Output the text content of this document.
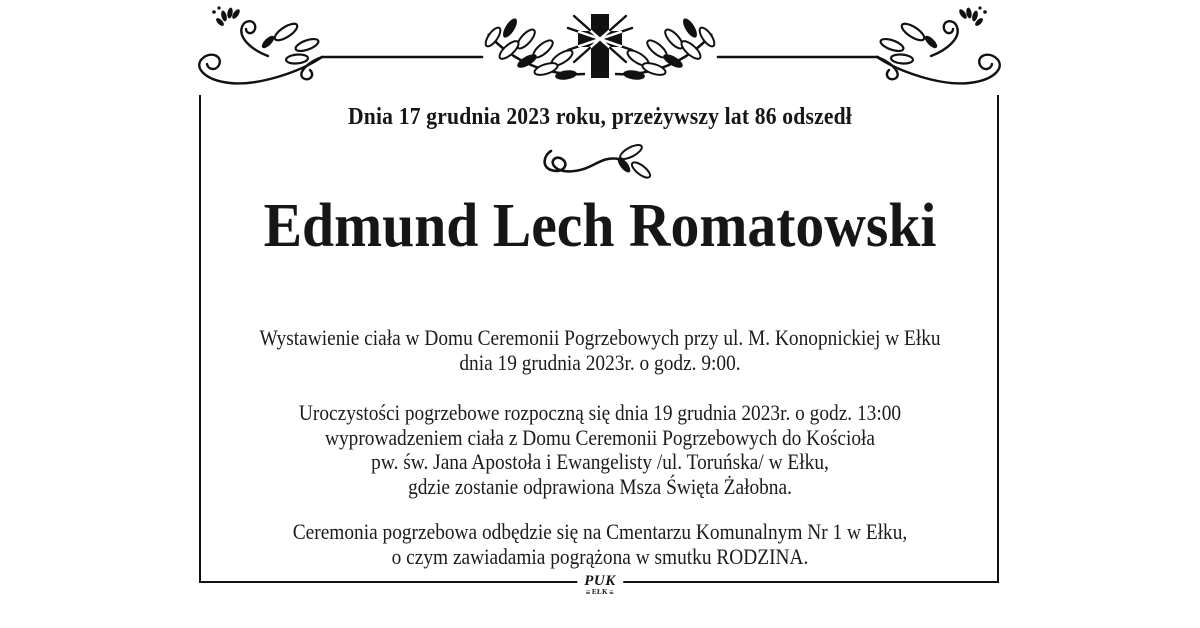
Dnia 17 grudnia 2023 roku, przeżywszy lat 86 odszedł
Edmund Lech Romatowski
Wystawienie ciała w Domu Ceremonii Pogrzebowych przy ul. M. Konopnickiej w Ełku
dnia 19 grudnia 2023r. o godz. 9:00.
Uroczystości pogrzebowe rozpoczną się dnia 19 grudnia 2023r. o godz. 13:00
wyprowadzeniem ciała z Domu Ceremonii Pogrzebowych do Kościoła
pw. św. Jana Apostoła i Ewangelisty /ul. Toruńska/ w Ełku,
gdzie zostanie odprawiona Msza Święta Żałobna.
Ceremonia pogrzebowa odbędzie się na Cmentarzu Komunalnym Nr 1 w Ełku,
o czym zawiadamia pogrążona w smutku RODZINA.
PUK
≡ EŁK ≡
